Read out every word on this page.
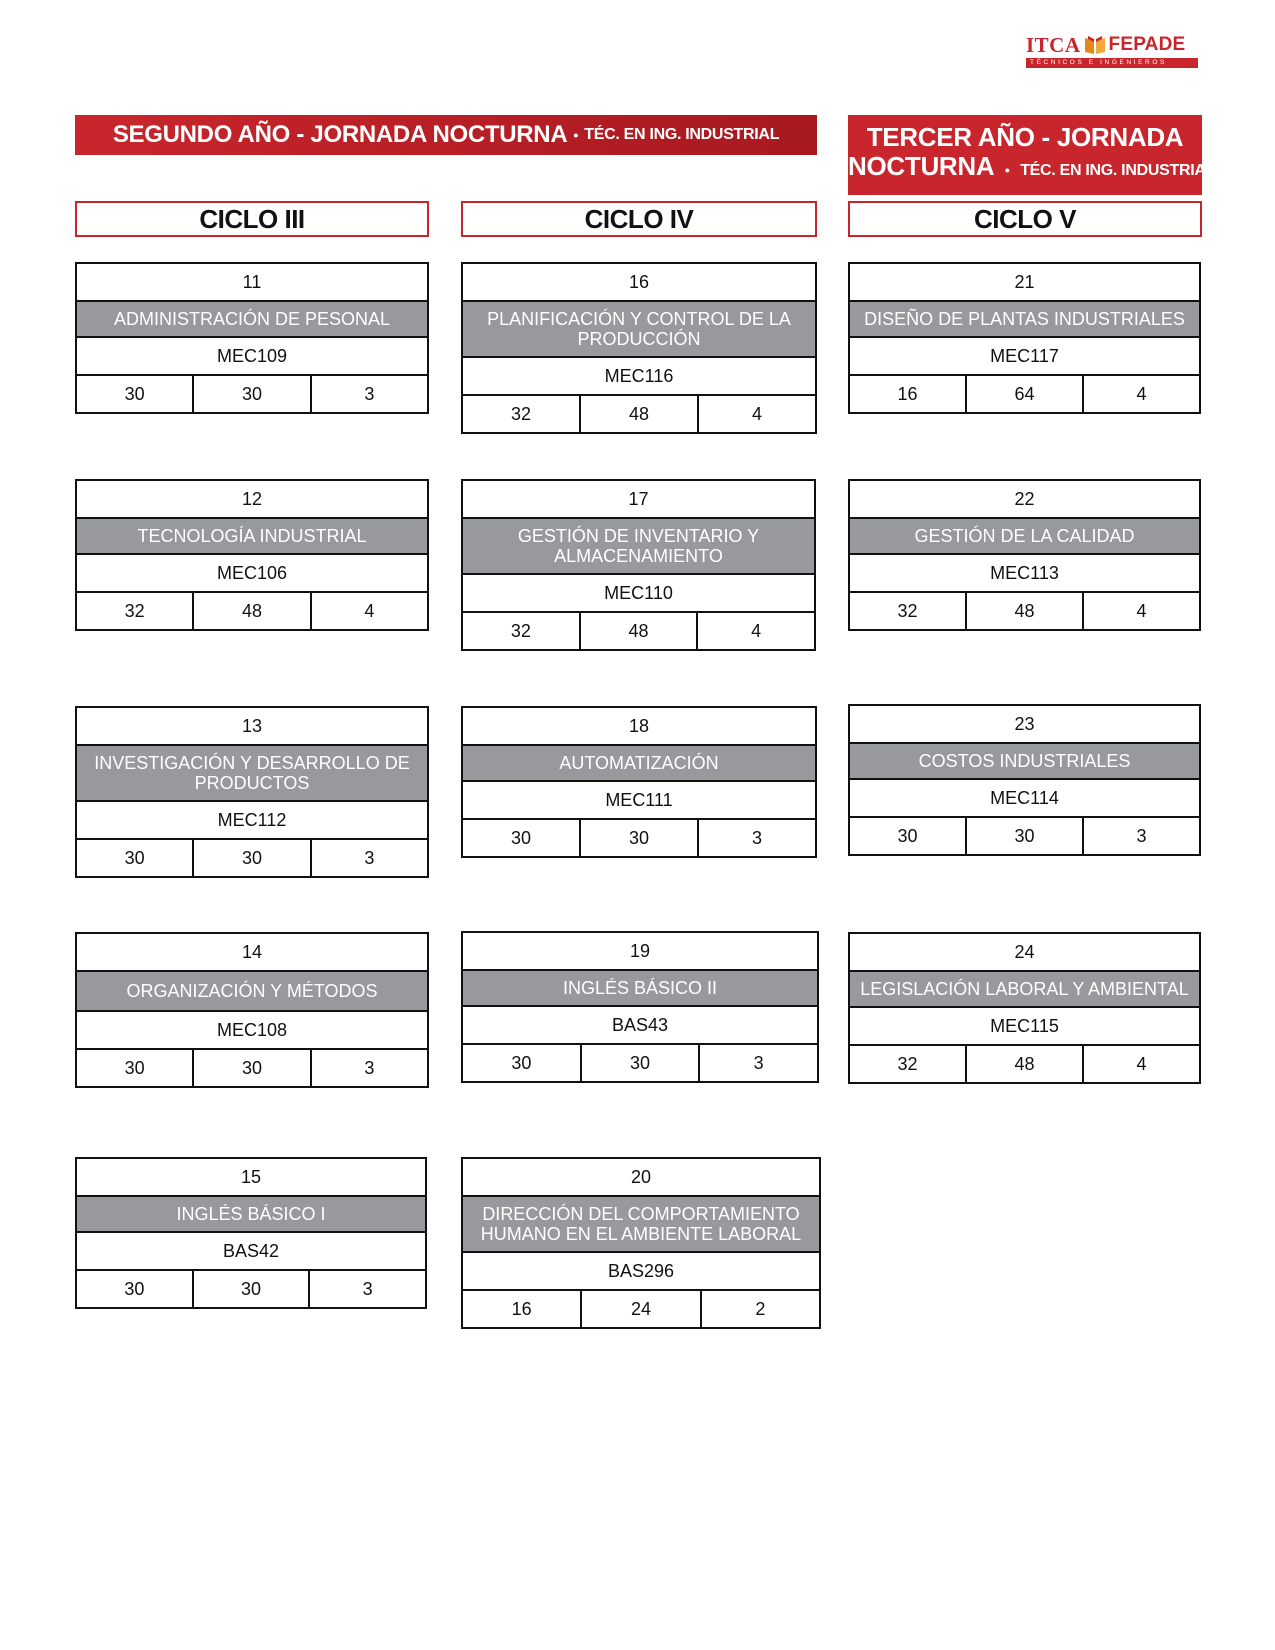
ITCA FEPADE
TÉCNICOS E INGENIEROS
SEGUNDO AÑO - JORNADA NOCTURNA • TÉC. EN ING. INDUSTRIAL	TERCER AÑO - JORNADA
NOCTURNA • TÉC. EN ING. INDUSTRIAL
CICLO III	CICLO IV	CICLO V
11
ADMINISTRACIÓN DE PESONAL
MEC109
30	30	3
12
TECNOLOGÍA INDUSTRIAL
MEC106
32	48	4
13
INVESTIGACIÓN Y DESARROLLO DE PRODUCTOS
MEC112
30	30	3
14
ORGANIZACIÓN Y MÉTODOS
MEC108
30	30	3
15
INGLÉS BÁSICO I
BAS42
30	30	3
16
PLANIFICACIÓN Y CONTROL DE LA PRODUCCIÓN
MEC116
32	48	4
17
GESTIÓN DE INVENTARIO Y ALMACENAMIENTO
MEC110
32	48	4
18
AUTOMATIZACIÓN
MEC111
30	30	3
19
INGLÉS BÁSICO II
BAS43
30	30	3
20
DIRECCIÓN DEL COMPORTAMIENTO HUMANO EN EL AMBIENTE LABORAL
BAS296
16	24	2
21
DISEÑO DE PLANTAS INDUSTRIALES
MEC117
16	64	4
22
GESTIÓN DE LA CALIDAD
MEC113
32	48	4
23
COSTOS INDUSTRIALES
MEC114
30	30	3
24
LEGISLACIÓN LABORAL Y AMBIENTAL
MEC115
32	48	4
